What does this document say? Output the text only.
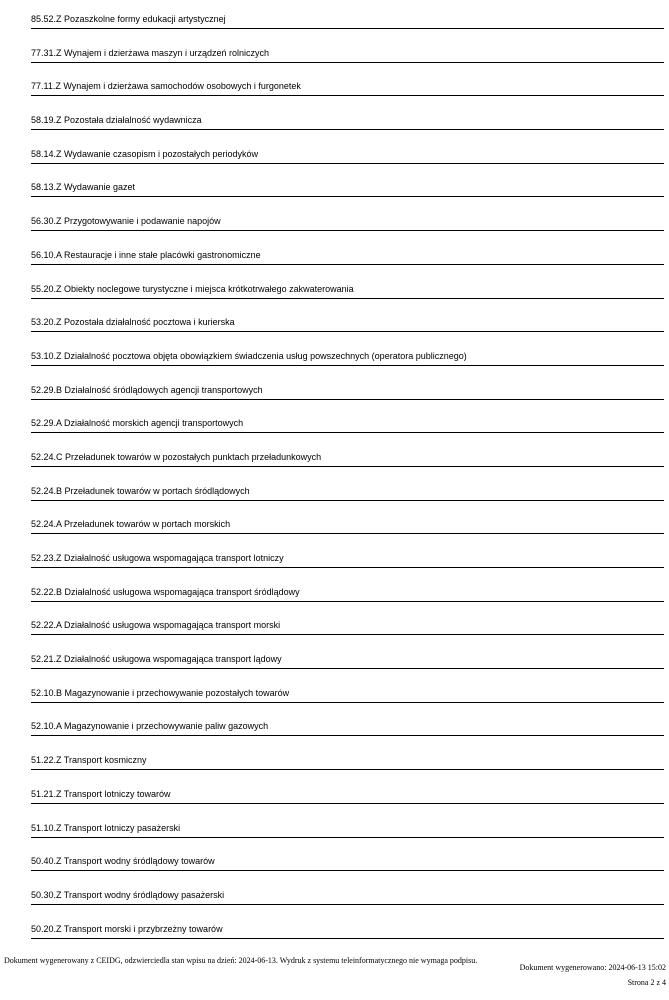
85.52.Z Pozaszkolne formy edukacji artystycznej
77.31.Z Wynajem i dzierżawa maszyn i urządzeń rolniczych
77.11.Z Wynajem i dzierżawa samochodów osobowych i furgonetek
58.19.Z Pozostała działalność wydawnicza
58.14.Z Wydawanie czasopism i pozostałych periodyków
58.13.Z Wydawanie gazet
56.30.Z Przygotowywanie i podawanie napojów
56.10.A Restauracje i inne stałe placówki gastronomiczne
55.20.Z Obiekty noclegowe turystyczne i miejsca krótkotrwałego zakwaterowania
53.20.Z Pozostała działalność pocztowa i kurierska
53.10.Z Działalność pocztowa objęta obowiązkiem świadczenia usług powszechnych (operatora publicznego)
52.29.B Działalność śródlądowych agencji transportowych
52.29.A Działalność morskich agencji transportowych
52.24.C Przeładunek towarów w pozostałych punktach przeładunkowych
52.24.B Przeładunek towarów w portach śródlądowych
52.24.A Przeładunek towarów w portach morskich
52.23.Z Działalność usługowa wspomagająca transport lotniczy
52.22.B Działalność usługowa wspomagająca transport śródlądowy
52.22.A Działalność usługowa wspomagająca transport morski
52.21.Z Działalność usługowa wspomagająca transport lądowy
52.10.B Magazynowanie i przechowywanie pozostałych towarów
52.10.A Magazynowanie i przechowywanie paliw gazowych
51.22.Z Transport kosmiczny
51.21.Z Transport lotniczy towarów
51.10.Z Transport lotniczy pasażerski
50.40.Z Transport wodny śródlądowy towarów
50.30.Z Transport wodny śródlądowy pasażerski
50.20.Z Transport morski i przybrzeżny towarów
Dokument wygenerowany z CEIDG, odzwierciedla stan wpisu na dzień: 2024-06-13. Wydruk z systemu teleinformatycznego nie wymaga podpisu.
Dokument wygenerowano: 2024-06-13 15:02
Strona 2 z 4
